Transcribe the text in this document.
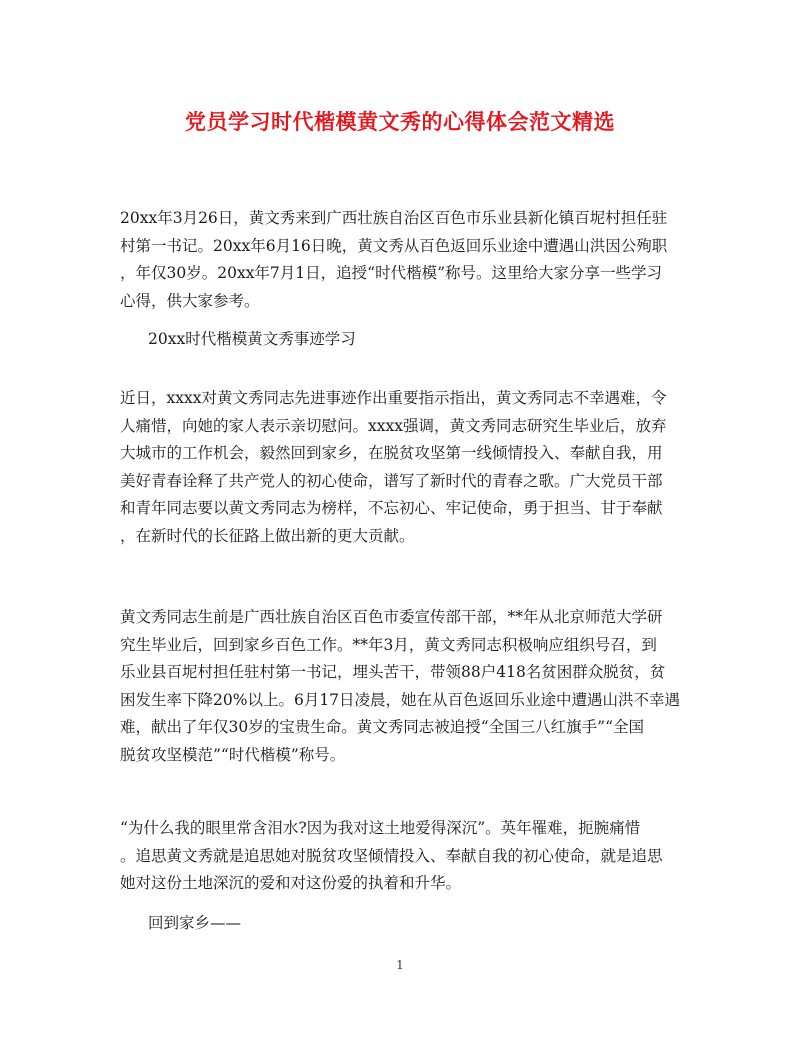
党员学习时代楷模黄文秀的心得体会范文精选
20xx年3月26日，黄文秀来到广西壮族自治区百色市乐业县新化镇百坭村担任驻
村第一书记。20xx年6月16日晚，黄文秀从百色返回乐业途中遭遇山洪因公殉职
，年仅30岁。20xx年7月1日，追授“时代楷模”称号。这里给大家分享一些学习
心得，供大家参考。
20xx时代楷模黄文秀事迹学习
近日，xxxx对黄文秀同志先进事迹作出重要指示指出，黄文秀同志不幸遇难，令
人痛惜，向她的家人表示亲切慰问。xxxx强调，黄文秀同志研究生毕业后，放弃
大城市的工作机会，毅然回到家乡，在脱贫攻坚第一线倾情投入、奉献自我，用
美好青春诠释了共产党人的初心使命，谱写了新时代的青春之歌。广大党员干部
和青年同志要以黄文秀同志为榜样，不忘初心、牢记使命，勇于担当、甘于奉献
，在新时代的长征路上做出新的更大贡献。
黄文秀同志生前是广西壮族自治区百色市委宣传部干部，**年从北京师范大学研
究生毕业后，回到家乡百色工作。**年3月，黄文秀同志积极响应组织号召，到
乐业县百坭村担任驻村第一书记，埋头苦干，带领88户418名贫困群众脱贫，贫
困发生率下降20%以上。6月17日凌晨，她在从百色返回乐业途中遭遇山洪不幸遇
难，献出了年仅30岁的宝贵生命。黄文秀同志被追授“全国三八红旗手”“全国
脱贫攻坚模范”“时代楷模”称号。
“为什么我的眼里常含泪水?因为我对这土地爱得深沉”。英年罹难，扼腕痛惜
。追思黄文秀就是追思她对脱贫攻坚倾情投入、奉献自我的初心使命，就是追思
她对这份土地深沉的爱和对这份爱的执着和升华。
回到家乡——
1
